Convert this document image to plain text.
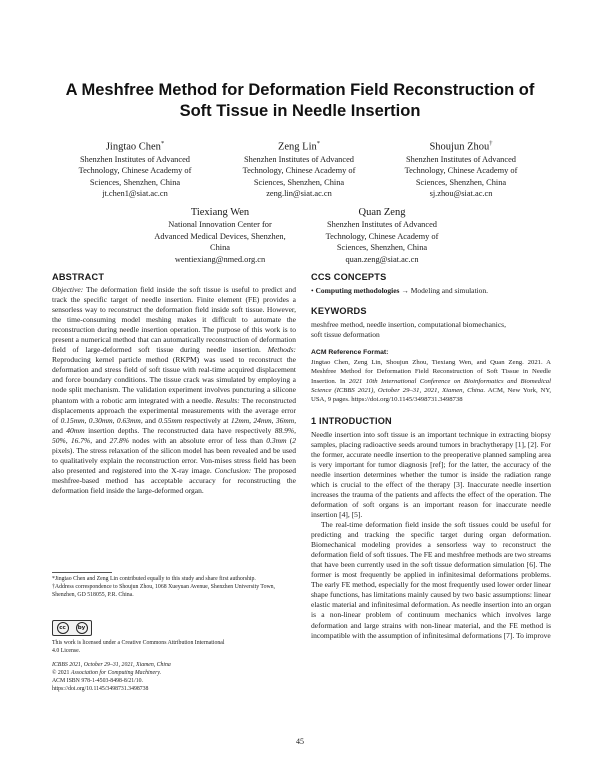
A Meshfree Method for Deformation Field Reconstruction of
Soft Tissue in Needle Insertion
Jingtao Chen*
Shenzhen Institutes of Advanced
Technology, Chinese Academy of
Sciences, Shenzhen, China
jt.chen1@siat.ac.cn
Zeng Lin*
Shenzhen Institutes of Advanced
Technology, Chinese Academy of
Sciences, Shenzhen, China
zeng.lin@siat.ac.cn
Shoujun Zhou†
Shenzhen Institutes of Advanced
Technology, Chinese Academy of
Sciences, Shenzhen, China
sj.zhou@siat.ac.cn
Tiexiang Wen
National Innovation Center for
Advanced Medical Devices, Shenzhen,
China
wentiexiang@nmed.org.cn
Quan Zeng
Shenzhen Institutes of Advanced
Technology, Chinese Academy of
Sciences, Shenzhen, China
quan.zeng@siat.ac.cn
ABSTRACT
Objective: The deformation field inside the soft tissue is useful to predict and track the specific target of needle insertion. Finite element (FE) provides a sensorless way to reconstruct the deformation field inside soft tissue. However, the time-consuming model meshing makes it difficult to automate the reconstruction during needle insertion operation. The purpose of this work is to present a numerical method that can automatically reconstruction of deformation field of large-deformed soft tissue during needle insertion. Methods: Reproducing kernel particle method (RKPM) was used to reconstruct the deformation and stress field of soft tissue with real-time acquired displacement and force boundary conditions. The tissue crack was simulated by employing a node split mechanism. The validation experiment involves puncturing a silicone phantom with a robotic arm integrated with a needle. Results: The reconstructed displacements approach the experimental measurements with the average error of 0.15mm, 0.30mm, 0.63mm, and 0.55mm respectively at 12mm, 24mm, 36mm, and 40mm insertion depths. The reconstructed data have respectively 88.9%, 50%, 16.7%, and 27.8% nodes with an absolute error of less than 0.3mm (2 pixels). The stress relaxation of the silicon model has been revealed and be used to qualitatively explain the reconstruction error. Von-mises stress field has been also presented and registered into the X-ray image. Conclusion: The proposed meshfree-based method has acceptable accuracy for reconstructing the deformation field inside the large-deformed organ.
*Jingtao Chen and Zeng Lin contributed equally to this study and share first authorship.
†Address correspondence to Shoujun Zhou, 1068 Xueyuan Avenue, Shenzhen University Town, Shenzhen, GD 518055, P.R. China.
cc	by
This work is licensed under a Creative Commons Attribution International
4.0 License.
ICBBS 2021, October 29–31, 2021, Xiamen, China
© 2021 Association for Computing Machinery.
ACM ISBN 978-1-4503-8498-8/21/10.
https://doi.org/10.1145/3498731.3498738
CCS CONCEPTS
• Computing methodologies → Modeling and simulation.
KEYWORDS
meshfree method, needle insertion, computational biomechanics,
soft tissue deformation
ACM Reference Format:
Jingtao Chen, Zeng Lin, Shoujun Zhou, Tiexiang Wen, and Quan Zeng. 2021. A Meshfree Method for Deformation Field Reconstruction of Soft Tissue in Needle Insertion. In 2021 10th International Conference on Bioinformatics and Biomedical Science (ICBBS 2021), October 29–31, 2021, Xiamen, China. ACM, New York, NY, USA, 9 pages. https://doi.org/10.1145/3498731.3498738
1 INTRODUCTION
Needle insertion into soft tissue is an important technique in extracting biopsy samples, placing radioactive seeds around tumors in brachytherapy [1], [2]. For the former, accurate needle insertion to the preoperative planned sampling area is very important for tumor diagnosis [ref]; for the latter, the accuracy of the needle insertion determines whether the tumor is inside the radiation range which is crucial to the effect of the therapy [3]. Inaccurate needle insertion increases the trauma of the patients and affects the effect of the operation. The deformation of soft organs is an important reason for inaccurate needle insertion [4], [5].
The real-time deformation field inside the soft tissues could be useful for predicting and tracking the specific target during organ deformation. Biomechanical modeling provides a sensorless way to reconstruct the deformation field of soft tissues. The FE and meshfree methods are two streams that have been currently used in the soft tissue deformation simulation [6]. The former is most frequently be applied in infinitesimal deformations problems. The early FE method, especially for the most frequently used lower order linear shape functions, has limitations mainly caused by two basic assumptions: linear elastic material and infinitesimal deformation. As needle insertion into an organ is a non-linear problem of continuum mechanics which involves large deformation and large strains with non-linear material, and the FE method is incompatible with the assumption of infinitesimal deformations [7]. To improve
45
